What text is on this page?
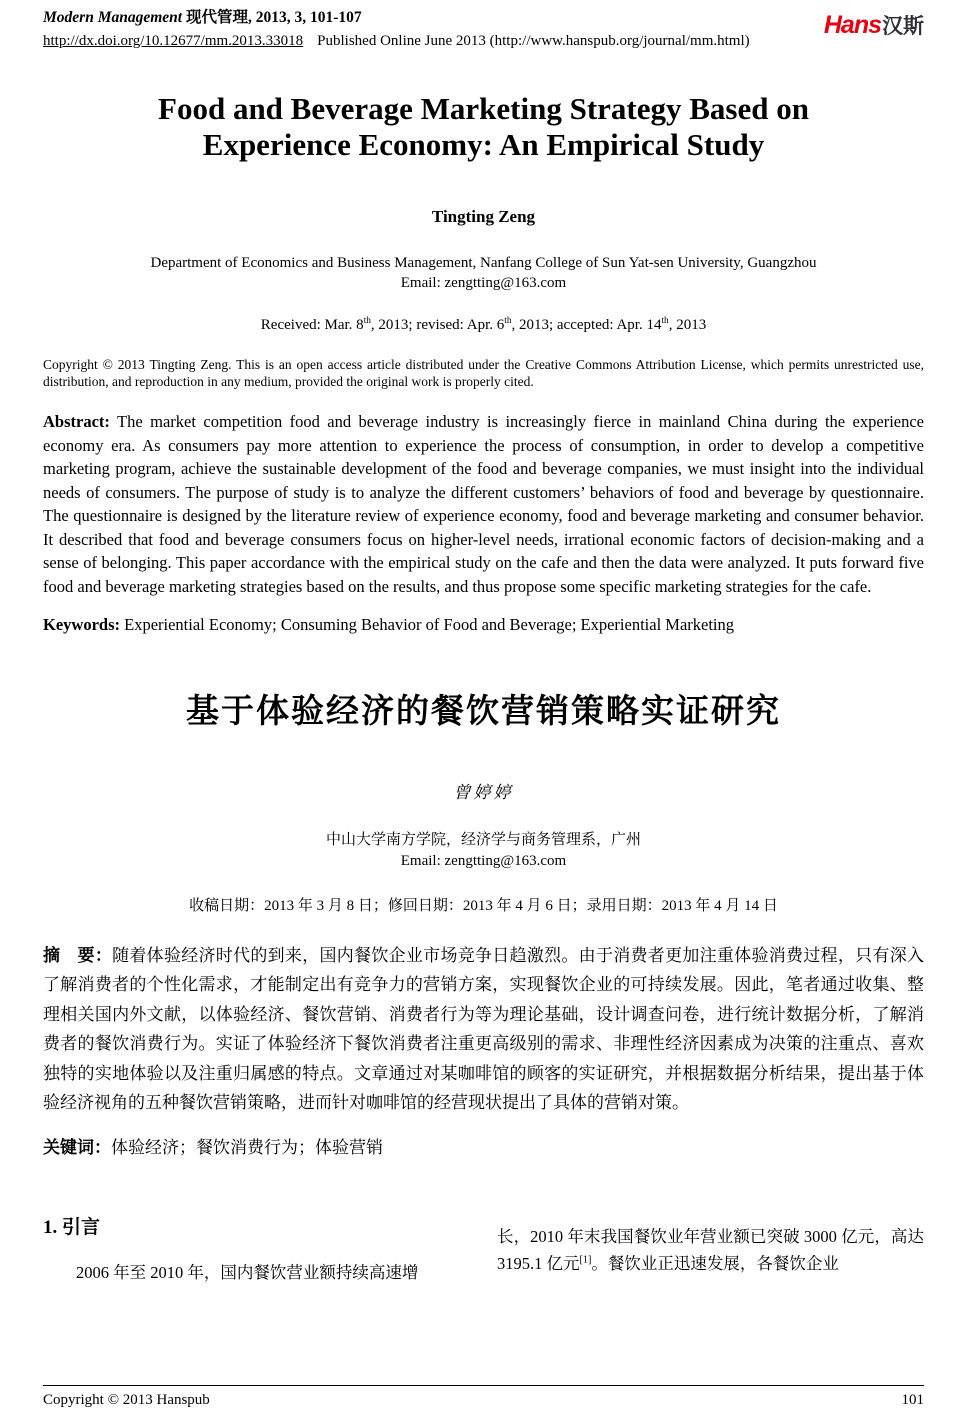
Modern Management 现代管理, 2013, 3, 101-107
http://dx.doi.org/10.12677/mm.2013.33018 Published Online June 2013 (http://www.hanspub.org/journal/mm.html)
Hans汉斯
Food and Beverage Marketing Strategy Based on
Experience Economy: An Empirical Study

Tingting Zeng

Department of Economics and Business Management, Nanfang College of Sun Yat-sen University, Guangzhou
Email: zengtting@163.com

Received: Mar. 8th, 2013; revised: Apr. 6th, 2013; accepted: Apr. 14th, 2013

Copyright © 2013 Tingting Zeng. This is an open access article distributed under the Creative Commons Attribution License, which permits unrestricted use, distribution, and reproduction in any medium, provided the original work is properly cited.

Abstract: The market competition food and beverage industry is increasingly fierce in mainland China during the experience economy era. As consumers pay more attention to experience the process of consumption, in order to develop a competitive marketing program, achieve the sustainable development of the food and beverage companies, we must insight into the individual needs of consumers. The purpose of study is to analyze the different customers’ behaviors of food and beverage by questionnaire. The questionnaire is designed by the literature review of experience economy, food and beverage marketing and consumer behavior. It described that food and beverage consumers focus on higher-level needs, irrational economic factors of decision-making and a sense of belonging. This paper accordance with the empirical study on the cafe and then the data were analyzed. It puts forward five food and beverage marketing strategies based on the results, and thus propose some specific marketing strategies for the cafe.

Keywords: Experiential Economy; Consuming Behavior of Food and Beverage; Experiential Marketing

基于体验经济的餐饮营销策略实证研究

曾婷婷

中山大学南方学院，经济学与商务管理系，广州
Email: zengtting@163.com

收稿日期：2013 年 3 月 8 日；修回日期：2013 年 4 月 6 日；录用日期：2013 年 4 月 14 日

摘　要：随着体验经济时代的到来，国内餐饮企业市场竞争日趋激烈。由于消费者更加注重体验消费过程，只有深入了解消费者的个性化需求，才能制定出有竞争力的营销方案，实现餐饮企业的可持续发展。因此，笔者通过收集、整理相关国内外文献，以体验经济、餐饮营销、消费者行为等为理论基础，设计调查问卷，进行统计数据分析，了解消费者的餐饮消费行为。实证了体验经济下餐饮消费者注重更高级别的需求、非理性经济因素成为决策的注重点、喜欢独特的实地体验以及注重归属感的特点。文章通过对某咖啡馆的顾客的实证研究，并根据数据分析结果，提出基于体验经济视角的五种餐饮营销策略，进而针对咖啡馆的经营现状提出了具体的营销对策。

关键词：体验经济；餐饮消费行为；体验营销

1. 引言

2006 年至 2010 年，国内餐饮营业额持续高速增

长，2010 年末我国餐饮业年营业额已突破 3000 亿元，高达 3195.1 亿元[1]。餐饮业正迅速发展，各餐饮企业

Copyright © 2013 Hanspub	101
